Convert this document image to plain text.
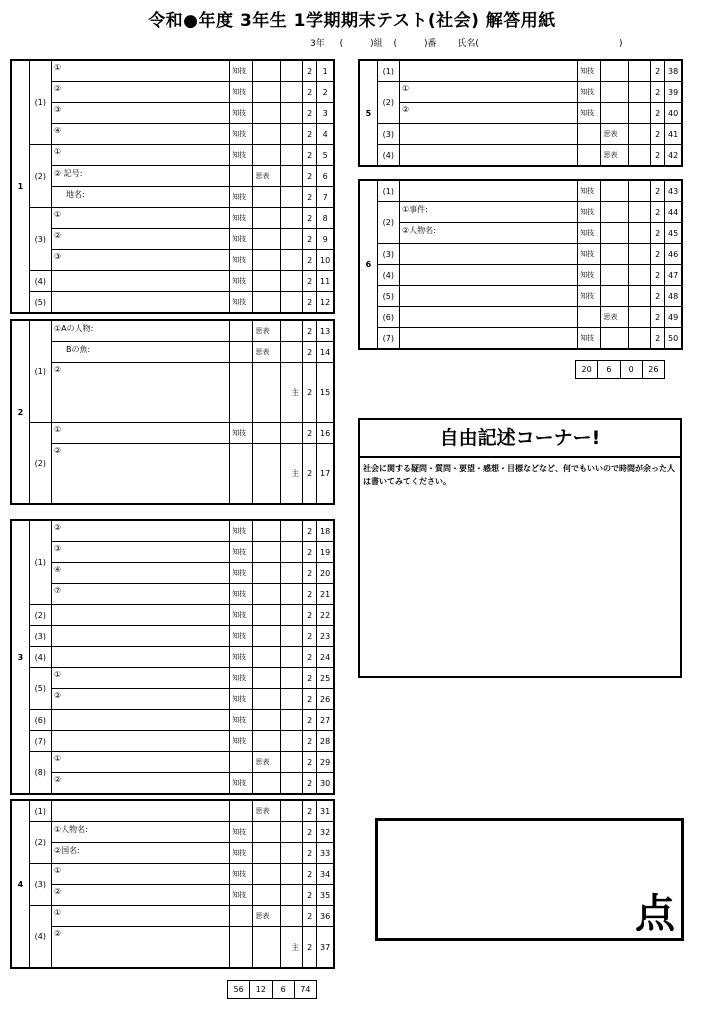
令和●年度 3年生 1学期期末テスト(社会) 解答用紙
3年 (　　　)組 (　　　)番 氏名(	)
1	(1)	①	知技			2	1
		②	知技			2	2
		③	知技			2	3
		④	知技			2	4
	(2)	①	知技			2	5
		② 記号:		思表		2	6
		地名:	知技			2	7
	(3)	①	知技			2	8
		②	知技			2	9
		③	知技			2	10
	(4)		知技			2	11
	(5)		知技			2	12
2	(1)	①Aの人物:		思表		2	13
		Bの魚:		思表		2	14
		②			主	2	15
	(2)	①	知技			2	16
		②			主	2	17
3	(1)	②	知技			2	18
		③	知技			2	19
		④	知技			2	20
		⑦	知技			2	21
	(2)		知技			2	22
	(3)		知技			2	23
	(4)		知技			2	24
	(5)	①	知技			2	25
		②	知技			2	26
	(6)		知技			2	27
	(7)		知技			2	28
	(8)	①		思表		2	29
		②	知技			2	30
4	(1)			思表		2	31
	(2)	①人物名:	知技			2	32
		②国名:	知技			2	33
	(3)	①	知技			2	34
		②	知技			2	35
	(4)	①		思表		2	36
		②			主	2	37
56	12	6	74
5	(1)		知技			2	38
	(2)	①	知技			2	39
		②	知技			2	40
	(3)			思表		2	41
	(4)			思表		2	42
6	(1)		知技			2	43
	(2)	①事件:	知技			2	44
		②人物名:	知技			2	45
	(3)		知技			2	46
	(4)		知技			2	47
	(5)		知技			2	48
	(6)			思表		2	49
	(7)		知技			2	50
20	6	0	26
自由記述コーナー!
社会に関する疑問・質問・要望・感想・目標などなど、何でもいいので時間が余った人は書いてみてください。
点
